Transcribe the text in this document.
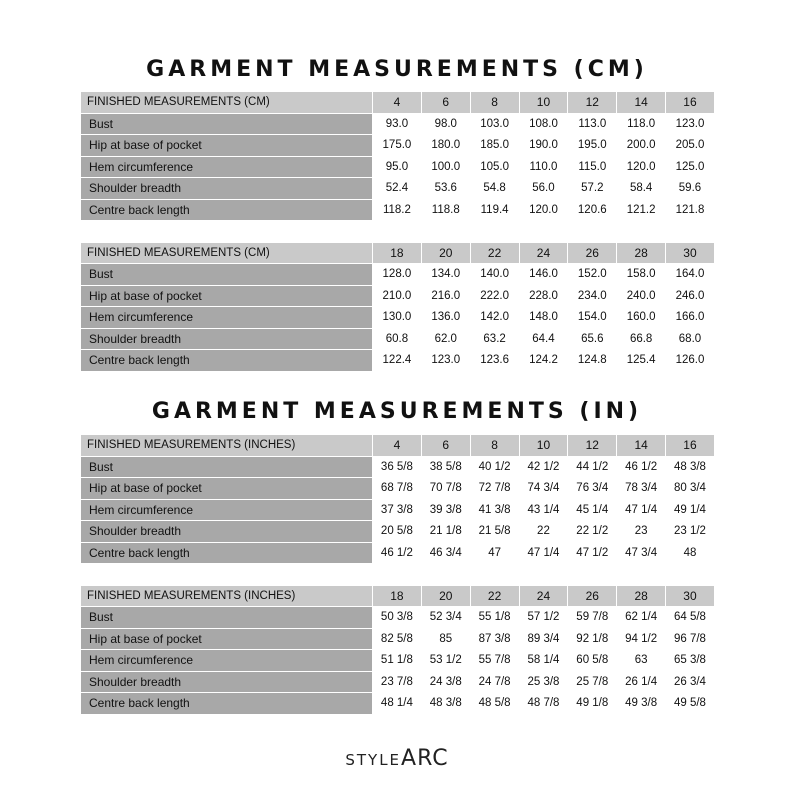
GARMENT MEASUREMENTS (CM)
FINISHED MEASUREMENTS (CM)	4	6	8	10	12	14	16
Bust	93.0	98.0	103.0	108.0	113.0	118.0	123.0
Hip at base of pocket	175.0	180.0	185.0	190.0	195.0	200.0	205.0
Hem circumference	95.0	100.0	105.0	110.0	115.0	120.0	125.0
Shoulder breadth	52.4	53.6	54.8	56.0	57.2	58.4	59.6
Centre back length	118.2	118.8	119.4	120.0	120.6	121.2	121.8

FINISHED MEASUREMENTS (CM)	18	20	22	24	26	28	30
Bust	128.0	134.0	140.0	146.0	152.0	158.0	164.0
Hip at base of pocket	210.0	216.0	222.0	228.0	234.0	240.0	246.0
Hem circumference	130.0	136.0	142.0	148.0	154.0	160.0	166.0
Shoulder breadth	60.8	62.0	63.2	64.4	65.6	66.8	68.0
Centre back length	122.4	123.0	123.6	124.2	124.8	125.4	126.0
GARMENT MEASUREMENTS (IN)
FINISHED MEASUREMENTS (INCHES)	4	6	8	10	12	14	16
Bust	36 5/8	38 5/8	40 1/2	42 1/2	44 1/2	46 1/2	48 3/8
Hip at base of pocket	68 7/8	70 7/8	72 7/8	74 3/4	76 3/4	78 3/4	80 3/4
Hem circumference	37 3/8	39 3/8	41 3/8	43 1/4	45 1/4	47 1/4	49 1/4
Shoulder breadth	20 5/8	21 1/8	21 5/8	22	22 1/2	23	23 1/2
Centre back length	46 1/2	46 3/4	47	47 1/4	47 1/2	47 3/4	48

FINISHED MEASUREMENTS (INCHES)	18	20	22	24	26	28	30
Bust	50 3/8	52 3/4	55 1/8	57 1/2	59 7/8	62 1/4	64 5/8
Hip at base of pocket	82 5/8	85	87 3/8	89 3/4	92 1/8	94 1/2	96 7/8
Hem circumference	51 1/8	53 1/2	55 7/8	58 1/4	60 5/8	63	65 3/8
Shoulder breadth	23 7/8	24 3/8	24 7/8	25 3/8	25 7/8	26 1/4	26 3/4
Centre back length	48 1/4	48 3/8	48 5/8	48 7/8	49 1/8	49 3/8	49 5/8
STYLEARC
